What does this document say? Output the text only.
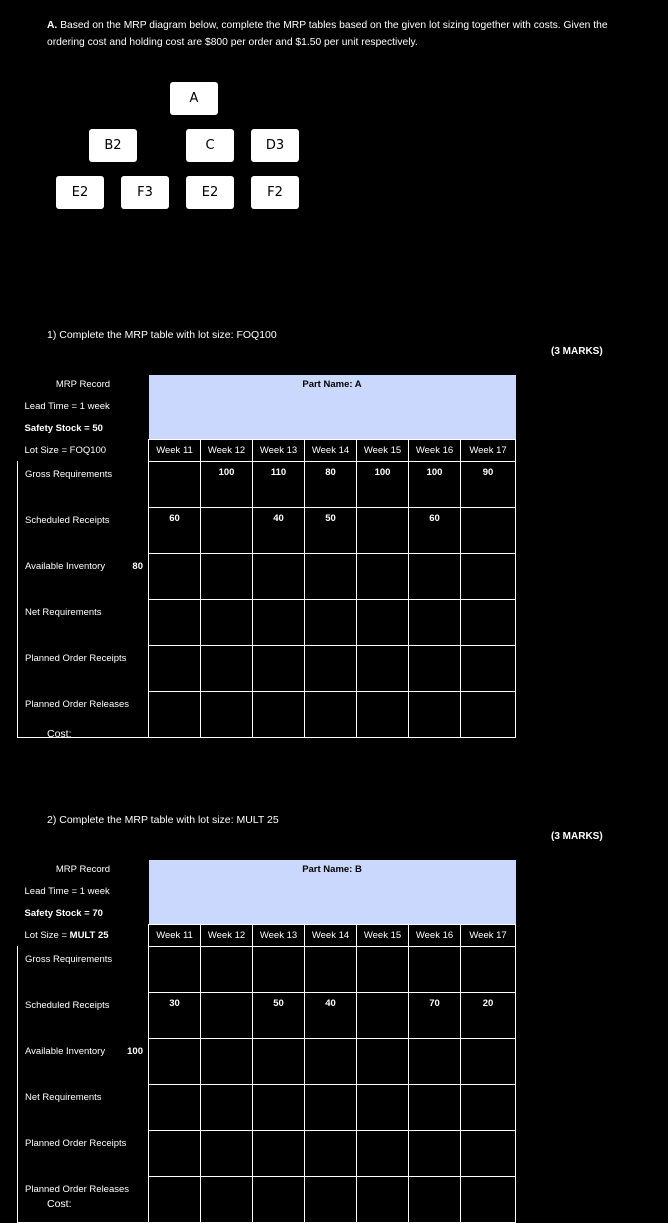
A. Based on the MRP diagram below, complete the MRP tables based on the given lot sizing together with costs. Given the ordering cost and holding cost are $800 per order and $1.50 per unit respectively.
A
B2	C	D3
E2	F3	E2	F2
1) Complete the MRP table with lot size: FOQ100
(3 MARKS)
MRP Record	Part Name: A						
Lead Time = 1 week							
Safety Stock = 50							
Lot Size = FOQ100	Week 11	Week 12	Week 13	Week 14	Week 15	Week 16	Week 17
Gross Requirements		100	110	80	100	100	90
Scheduled Receipts	60		40	50		60	
Available Inventory 80							

Net Requirements							
Planned Order Receipts							
Planned Order Releases							
Cost:
2) Complete the MRP table with lot size: MULT 25
(3 MARKS)
MRP Record	Part Name: B						
Lead Time = 1 week							
Safety Stock = 70							
Lot Size = MULT 25	Week 11	Week 12	Week 13	Week 14	Week 15	Week 16	Week 17
Gross Requirements							
Scheduled Receipts	30		50	40		70	20
Available Inventory 100							

Net Requirements							
Planned Order Receipts							
Planned Order Releases							
Cost:
